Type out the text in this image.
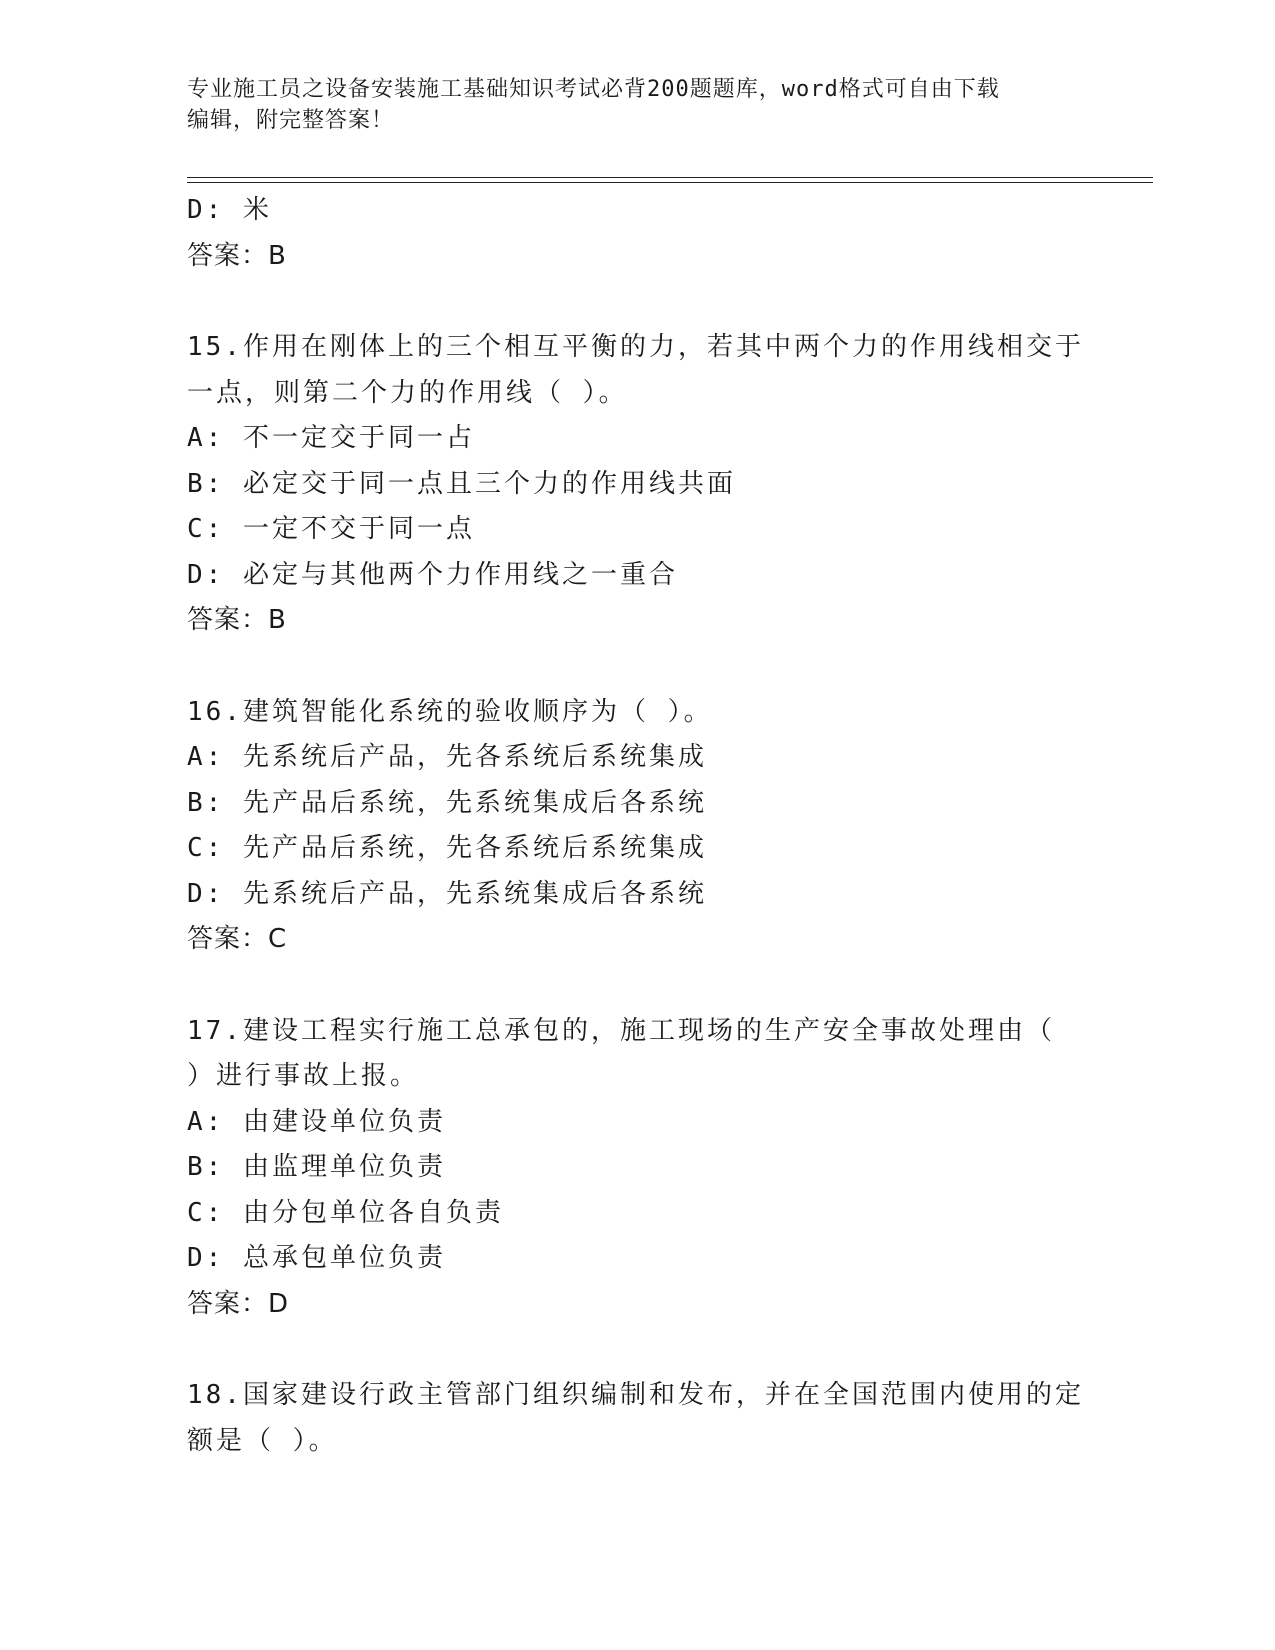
专业施工员之设备安装施工基础知识考试必背200题题库，word格式可自由下载
编辑，附完整答案！
D: 米
答案：B
15.作用在刚体上的三个相互平衡的力，若其中两个力的作用线相交于
一点，则第二个力的作用线（ ）。
A: 不一定交于同一占
B: 必定交于同一点且三个力的作用线共面
C: 一定不交于同一点
D: 必定与其他两个力作用线之一重合
答案：B
16.建筑智能化系统的验收顺序为（ ）。
A: 先系统后产品，先各系统后系统集成
B: 先产品后系统，先系统集成后各系统
C: 先产品后系统，先各系统后系统集成
D: 先系统后产品，先系统集成后各系统
答案：C
17.建设工程实行施工总承包的，施工现场的生产安全事故处理由（
）进行事故上报。
A: 由建设单位负责
B: 由监理单位负责
C: 由分包单位各自负责
D: 总承包单位负责
答案：D
18.国家建设行政主管部门组织编制和发布，并在全国范围内使用的定
额是（ ）。
